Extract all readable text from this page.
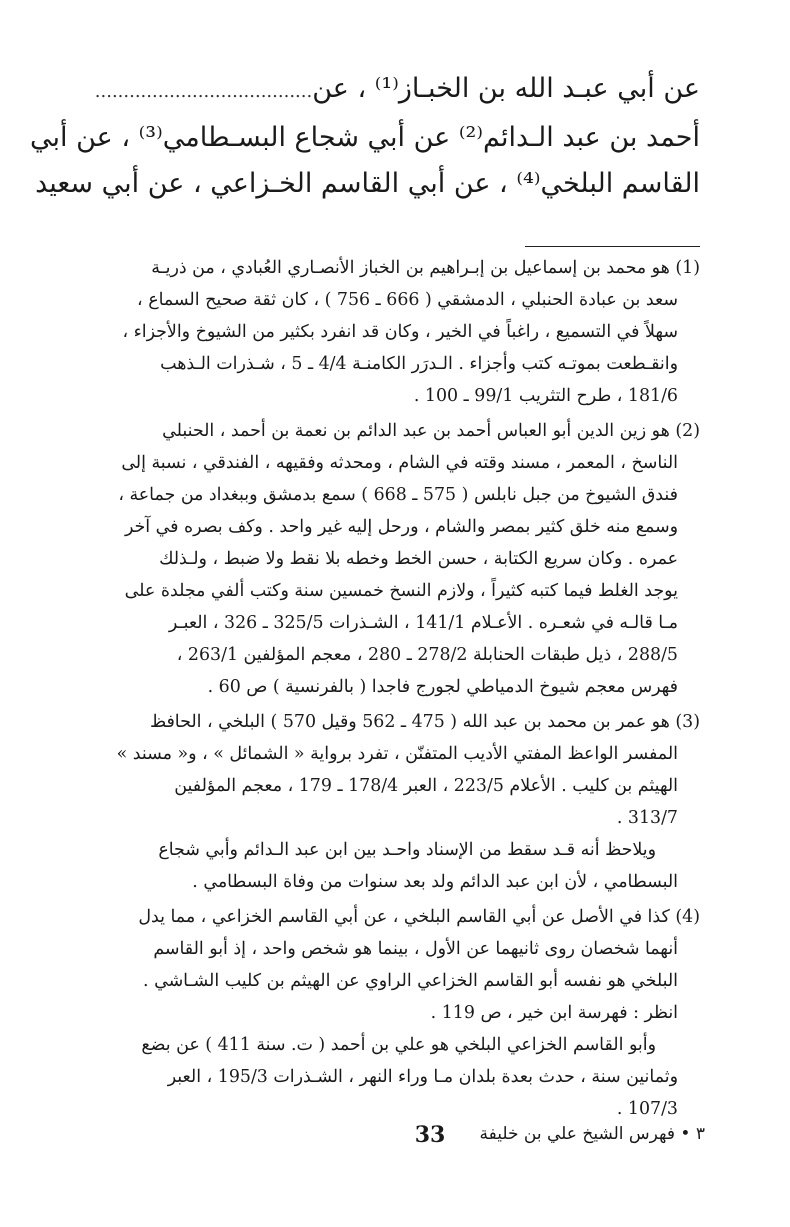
عن أبي عبـد الله بن الخبـاز⁽¹⁾ ، عن......................................
أحمد بن عبد الـدائم⁽²⁾ عن أبي شجاع البسـطامي⁽³⁾ ، عن أبي
القاسم البلخي⁽⁴⁾ ، عن أبي القاسم الخـزاعي ، عن أبي سعيد
(1) هو محمد بن إسماعيل بن إبـراهيم بن الخباز الأنصـاري العُبادي ، من ذريـة
سعد بن عبادة الحنبلي ، الدمشقي ( 666 ـ 756 ) ، كان ثقة صحيح السماع ،
سهلاً في التسميع ، راغباً في الخير ، وكان قد انفرد بكثير من الشيوخ والأجزاء ،
وانقـطعت بموتـه كتب وأجزاء . الـدرَر الكامنـة 4/4 ـ 5 ، شـذرات الـذهب
181/6 ، طرح التثريب 99/1 ـ 100 .
(2) هو زين الدين أبو العباس أحمد بن عبد الدائم بن نعمة بن أحمد ، الحنبلي
الناسخ ، المعمر ، مسند وقته في الشام ، ومحدثه وفقيهه ، الفندقي ، نسبة إلى
فندق الشيوخ من جبل نابلس ( 575 ـ 668 ) سمع بدمشق وببغداد من جماعة ،
وسمع منه خلق كثير بمصر والشام ، ورحل إليه غير واحد . وكف بصره في آخر
عمره . وكان سريع الكتابة ، حسن الخط وخطه بلا نقط ولا ضبط ، ولـذلك
يوجد الغلط فيما كتبه كثيراً ، ولازم النسخ خمسين سنة وكتب ألفي مجلدة على
مـا قالـه في شعـره . الأعـلام 141/1 ، الشـذرات 325/5 ـ 326 ، العبـر
288/5 ، ذيل طبقات الحنابلة 278/2 ـ 280 ، معجم المؤلفين 263/1 ،
فهرس معجم شيوخ الدمياطي لجورج فاجدا ( بالفرنسية ) ص 60 .
(3) هو عمر بن محمد بن عبد الله ( 475 ـ 562 وقيل 570 ) البلخي ، الحافظ
المفسر الواعظ المفتي الأديب المتفنّن ، تفرد برواية « الشمائل » ، و« مسند »
الهيثم بن كليب . الأعلام 223/5 ، العبر 178/4 ـ 179 ، معجم المؤلفين
313/7 .
ويلاحظ أنه قـد سقط من الإسناد واحـد بين ابن عبد الـدائم وأبي شجاع
البسطامي ، لأن ابن عبد الدائم ولد بعد سنوات من وفاة البسطامي .
(4) كذا في الأصل عن أبي القاسم البلخي ، عن أبي القاسم الخزاعي ، مما يدل
أنهما شخصان روى ثانيهما عن الأول ، بينما هو شخص واحد ، إذ أبو القاسم
البلخي هو نفسه أبو القاسم الخزاعي الراوي عن الهيثم بن كليب الشـاشي .
انظر : فهرسة ابن خير ، ص 119 .
وأبو القاسم الخزاعي البلخي هو علي بن أحمد ( ت. سنة 411 ) عن بضع
وثمانين سنة ، حدث بعدة بلدان مـا وراء النهر ، الشـذرات 195/3 ، العبر
107/3 .
٣ • فهرس الشيخ علي بن خليفة
33
